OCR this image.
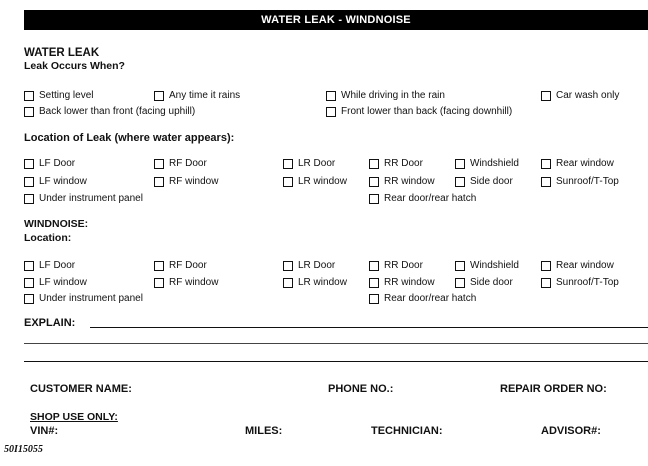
WATER LEAK - WINDNOISE
WATER LEAK
Leak Occurs When?
Setting level	Any time it rains	While driving in the rain	Car wash only
Back lower than front (facing uphill)	Front lower than back (facing downhill)
Location of Leak (where water appears):
LF Door	RF Door	LR Door	RR Door	Windshield	Rear window
LF window	RF window	LR window	RR window	Side door	Sunroof/T-Top
Under instrument panel	Rear door/rear hatch
WINDNOISE:
Location:
LF Door	RF Door	LR Door	RR Door	Windshield	Rear window
LF window	RF window	LR window	RR window	Side door	Sunroof/T-Top
Under instrument panel	Rear door/rear hatch
EXPLAIN:
CUSTOMER NAME:	PHONE NO.:	REPAIR ORDER NO:
SHOP USE ONLY:
VIN#:	MILES:	TECHNICIAN:	ADVISOR#:
50I15055
